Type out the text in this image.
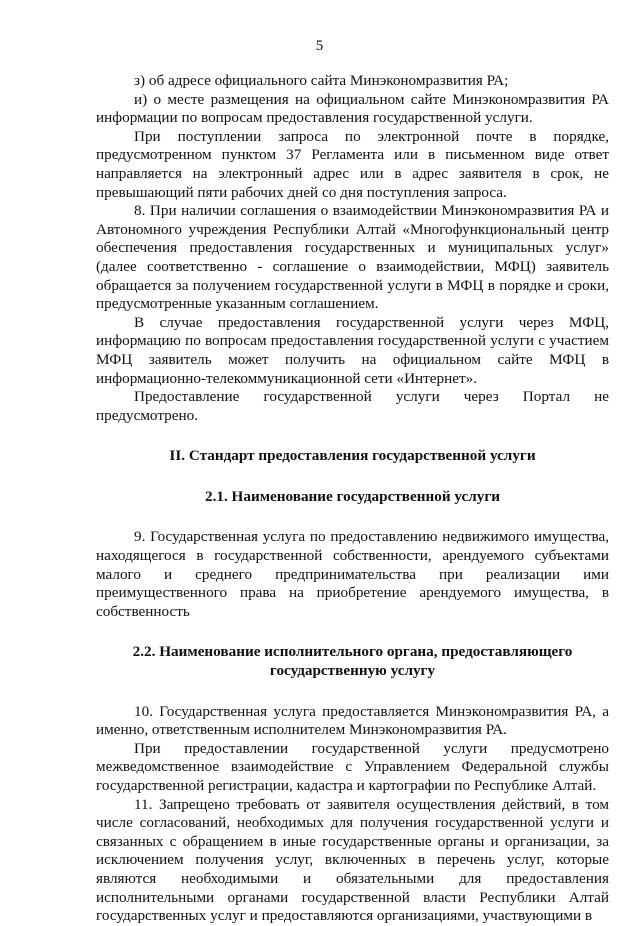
5

з) об адресе официального сайта Минэкономразвития РА;

и) о месте размещения на официальном сайте Минэкономразвития РА информации по вопросам предоставления государственной услуги.

При поступлении запроса по электронной почте в порядке, предусмотренном пунктом 37 Регламента или в письменном виде ответ направляется на электронный адрес или в адрес заявителя в срок, не превышающий пяти рабочих дней со дня поступления запроса.

8. При наличии соглашения о взаимодействии Минэкономразвития РА и Автономного учреждения Республики Алтай «Многофункциональный центр обеспечения предоставления государственных и муниципальных услуг» (далее соответственно - соглашение о взаимодействии, МФЦ) заявитель обращается за получением государственной услуги в МФЦ в порядке и сроки, предусмотренные указанным соглашением.

В случае предоставления государственной услуги через МФЦ, информацию по вопросам предоставления государственной услуги с участием МФЦ заявитель может получить на официальном сайте МФЦ в информационно-телекоммуникационной сети «Интернет».

Предоставление государственной услуги через Портал не предусмотрено.

II. Стандарт предоставления государственной услуги

2.1. Наименование государственной услуги

9. Государственная услуга по предоставлению недвижимого имущества, находящегося в государственной собственности, арендуемого субъектами малого и среднего предпринимательства при реализации ими преимущественного права на приобретение арендуемого имущества, в собственность

2.2. Наименование исполнительного органа, предоставляющего государственную услугу

10. Государственная услуга предоставляется Минэкономразвития РА, а именно, ответственным исполнителем Минэкономразвития РА.

При предоставлении государственной услуги предусмотрено межведомственное взаимодействие с Управлением Федеральной службы государственной регистрации, кадастра и картографии по Республике Алтай.

11. Запрещено требовать от заявителя осуществления действий, в том числе согласований, необходимых для получения государственной услуги и связанных с обращением в иные государственные органы и организации, за исключением получения услуг, включенных в перечень услуг, которые являются необходимыми и обязательными для предоставления исполнительными органами государственной власти Республики Алтай государственных услуг и предоставляются организациями, участвующими в
